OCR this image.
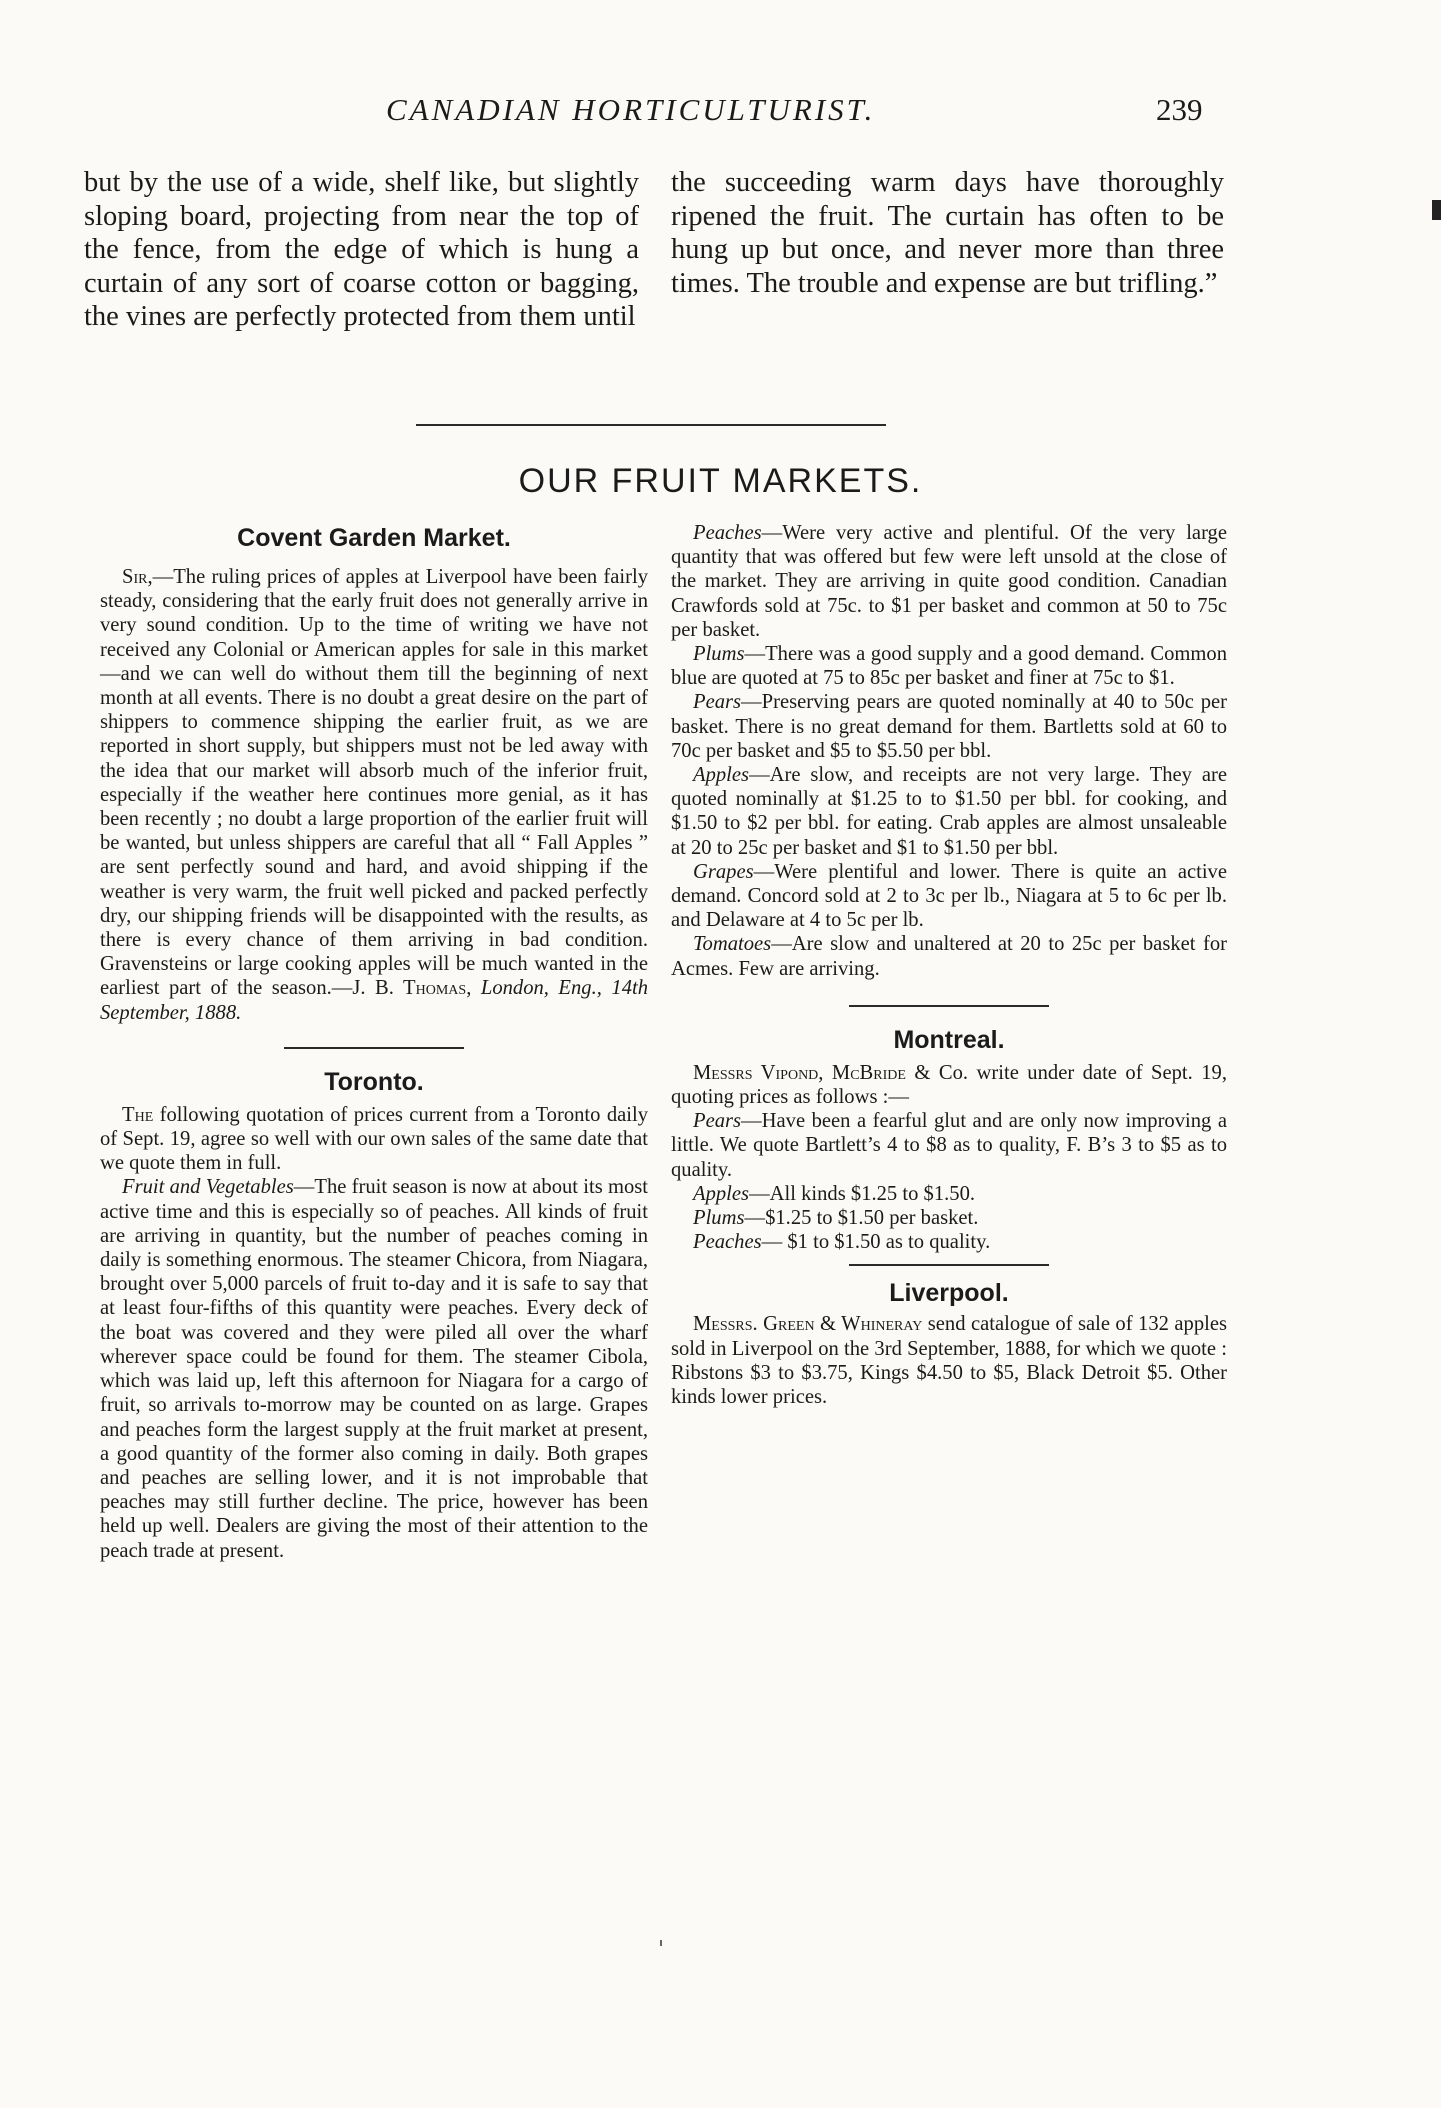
CANADIAN HORTICULTURIST.	239
but by the use of a wide, shelf like, but slightly sloping board, projecting from near the top of the fence, from the edge of which is hung a curtain of any sort of coarse cotton or bagging, the vines are perfectly protected from them until
the succeeding warm days have thoroughly ripened the fruit. The curtain has often to be hung up but once, and never more than three times. The trouble and expense are but trifling.”
OUR FRUIT MARKETS.
Covent Garden Market.

Sir,—The ruling prices of apples at Liverpool have been fairly steady, considering that the early fruit does not generally arrive in very sound condition. Up to the time of writing we have not received any Colonial or American apples for sale in this market—and we can well do without them till the beginning of next month at all events. There is no doubt a great desire on the part of shippers to commence shipping the earlier fruit, as we are reported in short supply, but shippers must not be led away with the idea that our market will absorb much of the inferior fruit, especially if the weather here continues more genial, as it has been recently ; no doubt a large proportion of the earlier fruit will be wanted, but unless shippers are careful that all “ Fall Apples ” are sent perfectly sound and hard, and avoid shipping if the weather is very warm, the fruit well picked and packed perfectly dry, our shipping friends will be disappointed with the results, as there is every chance of them arriving in bad condition. Gravensteins or large cooking apples will be much wanted in the earliest part of the season.—J. B. Thomas, London, Eng., 14th September, 1888.

Toronto.

The following quotation of prices current from a Toronto daily of Sept. 19, agree so well with our own sales of the same date that we quote them in full.

Fruit and Vegetables—The fruit season is now at about its most active time and this is especially so of peaches. All kinds of fruit are arriving in quantity, but the number of peaches coming in daily is something enormous. The steamer Chicora, from Niagara, brought over 5,000 parcels of fruit to-day and it is safe to say that at least four-fifths of this quantity were peaches. Every deck of the boat was covered and they were piled all over the wharf wherever space could be found for them. The steamer Cibola, which was laid up, left this afternoon for Niagara for a cargo of fruit, so arrivals to-morrow may be counted on as large. Grapes and peaches form the largest supply at the fruit market at present, a good quantity of the former also coming in daily. Both grapes and peaches are selling lower, and it is not improbable that peaches may still further decline. The price, however has been held up well. Dealers are giving the most of their attention to the peach trade at present.

Peaches—Were very active and plentiful. Of the very large quantity that was offered but few were left unsold at the close of the market. They are arriving in quite good condition. Canadian Crawfords sold at 75c. to $1 per basket and common at 50 to 75c per basket.

Plums—There was a good supply and a good demand. Common blue are quoted at 75 to 85c per basket and finer at 75c to $1.

Pears—Preserving pears are quoted nominally at 40 to 50c per basket. There is no great demand for them. Bartletts sold at 60 to 70c per basket and $5 to $5.50 per bbl.

Apples—Are slow, and receipts are not very large. They are quoted nominally at $1.25 to to $1.50 per bbl. for cooking, and $1.50 to $2 per bbl. for eating. Crab apples are almost unsaleable at 20 to 25c per basket and $1 to $1.50 per bbl.

Grapes—Were plentiful and lower. There is quite an active demand. Concord sold at 2 to 3c per lb., Niagara at 5 to 6c per lb. and Delaware at 4 to 5c per lb.

Tomatoes—Are slow and unaltered at 20 to 25c per basket for Acmes. Few are arriving.

Montreal.

Messrs Vipond, McBride & Co. write under date of Sept. 19, quoting prices as follows :—

Pears—Have been a fearful glut and are only now improving a little. We quote Bartlett’s 4 to $8 as to quality, F. B’s 3 to $5 as to quality.

Apples—All kinds $1.25 to $1.50.

Plums—$1.25 to $1.50 per basket.

Peaches— $1 to $1.50 as to quality.

Liverpool.

Messrs. Green & Whineray send catalogue of sale of 132 apples sold in Liverpool on the 3rd September, 1888, for which we quote : Ribstons $3 to $3.75, Kings $4.50 to $5, Black Detroit $5. Other kinds lower prices.
